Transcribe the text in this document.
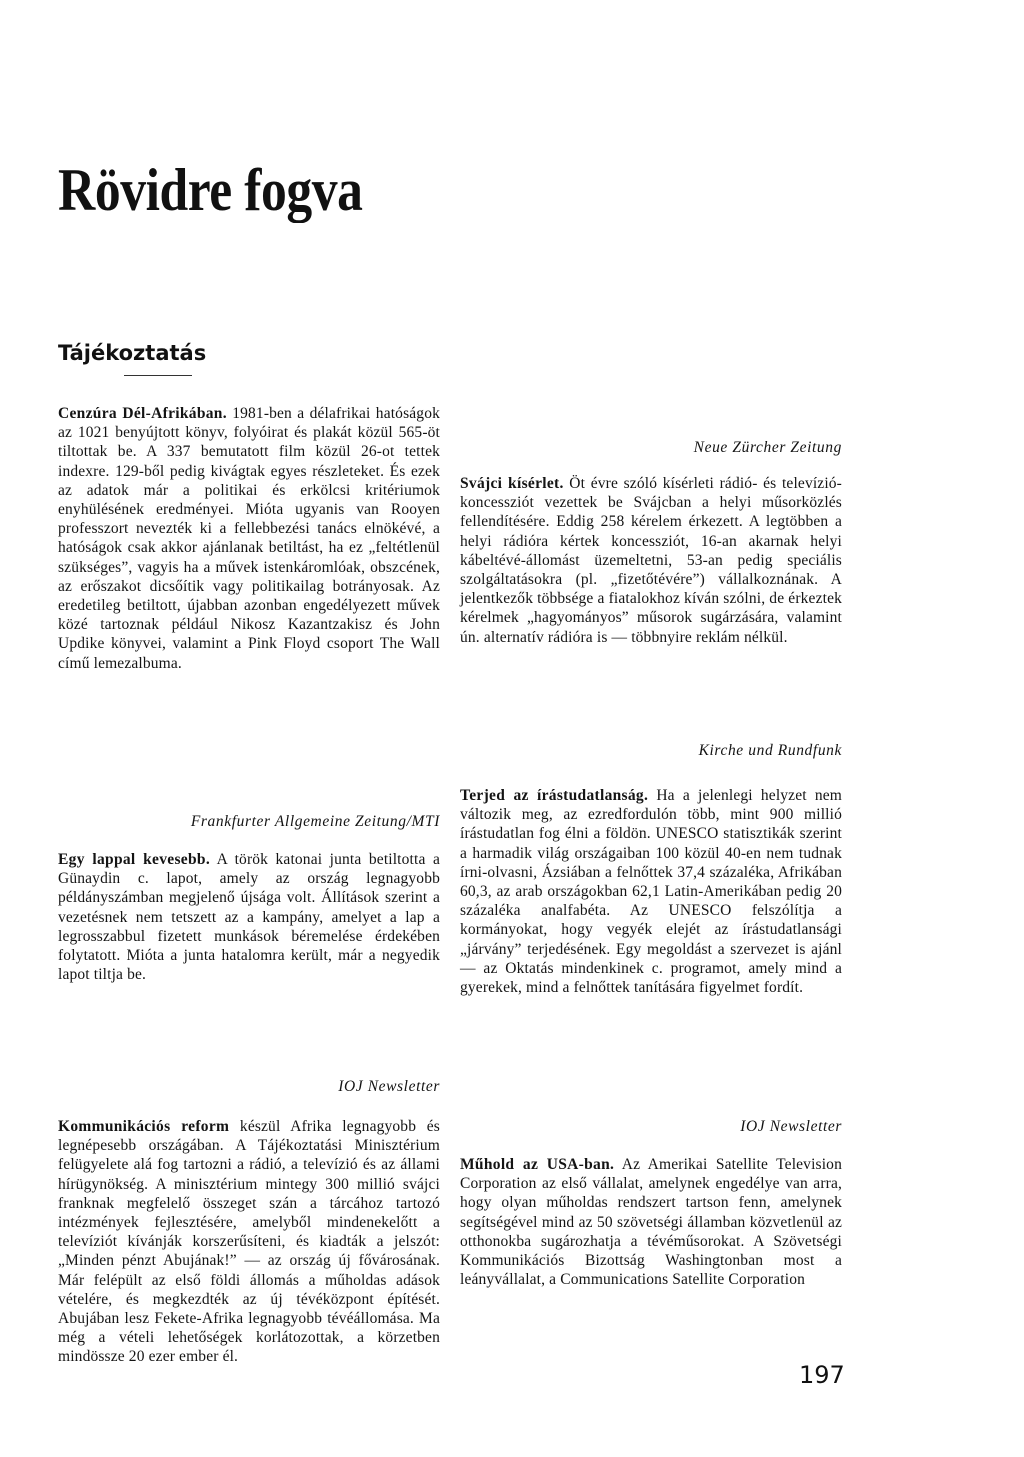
Rövidre fogva
Tájékoztatás

Cenzúra Dél-Afrikában. 1981-ben a délafrikai hatóságok az 1021 benyújtott könyv, folyóirat és plakát közül 565-öt tiltottak be. A 337 bemutatott film közül 26-ot tettek indexre. 129-ből pedig kivágtak egyes részleteket. És ezek az adatok már a politikai és erkölcsi kritériumok enyhülésének eredményei. Mióta ugyanis van Rooyen professzort nevezték ki a fellebbezési tanács elnökévé, a hatóságok csak akkor ajánlanak betiltást, ha ez „feltétlenül szükséges”, vagyis ha a művek istenkáromlóak, obszcének, az erőszakot dicsőítik vagy politikailag botrányosak. Az eredetileg betiltott, újabban azonban engedélyezett művek közé tartoznak például Nikosz Kazantzakisz és John Updike könyvei, valamint a Pink Floyd csoport The Wall című lemezalbuma.

Frankfurter Allgemeine Zeitung/MTI

Egy lappal kevesebb. A török katonai junta betiltotta a Günaydin c. lapot, amely az ország legnagyobb példányszámban megjelenő újsága volt. Állítások szerint a vezetésnek nem tetszett az a kampány, amelyet a lap a legrosszabbul fizetett munkások béremelése érdekében folytatott. Mióta a junta hatalomra került, már a negyedik lapot tiltja be.

IOJ Newsletter

Kommunikációs reform készül Afrika legnagyobb és legnépesebb országában. A Tájékoztatási Minisztérium felügyelete alá fog tartozni a rádió, a televízió és az állami hírügynökség. A minisztérium mintegy 300 millió svájci franknak megfelelő összeget szán a tárcához tartozó intézmények fejlesztésére, amelyből mindenekelőtt a televíziót kívánják korszerűsíteni, és kiadták a jelszót: „Minden pénzt Abujának!” — az ország új fővárosának. Már felépült az első földi állomás a műholdas adások vételére, és megkezdték az új tévéközpont építését. Abujában lesz Fekete-Afrika legnagyobb tévéállomása. Ma még a vételi lehetőségek korlátozottak, a körzetben mindössze 20 ezer ember él.

Neue Zürcher Zeitung

Svájci kísérlet. Öt évre szóló kísérleti rádió- és televízió-koncessziót vezettek be Svájcban a helyi műsorközlés fellendítésére. Eddig 258 kérelem érkezett. A legtöbben a helyi rádióra kértek koncessziót, 16-an akarnak helyi kábeltévé-állomást üzemeltetni, 53-an pedig speciális szolgáltatásokra (pl. „fizetőtévére”) vállalkoznának. A jelentkezők többsége a fiatalokhoz kíván szólni, de érkeztek kérelmek „hagyományos” műsorok sugárzására, valamint ún. alternatív rádióra is — többnyire reklám nélkül.

Kirche und Rundfunk

Terjed az írástudatlanság. Ha a jelenlegi helyzet nem változik meg, az ezredfordulón több, mint 900 millió írástudatlan fog élni a földön. UNESCO statisztikák szerint a harmadik világ országaiban 100 közül 40-en nem tudnak írni-olvasni, Ázsiában a felnőttek 37,4 százaléka, Afrikában 60,3, az arab országokban 62,1 Latin-Amerikában pedig 20 százaléka analfabéta. Az UNESCO felszólítja a kormányokat, hogy vegyék elejét az írástudatlansági „járvány” terjedésének. Egy megoldást a szervezet is ajánl — az Oktatás mindenkinek c. programot, amely mind a gyerekek, mind a felnőttek tanítására figyelmet fordít.

IOJ Newsletter

Műhold az USA-ban. Az Amerikai Satellite Television Corporation az első vállalat, amelynek engedélye van arra, hogy olyan műholdas rendszert tartson fenn, amelynek segítségével mind az 50 szövetségi államban közvetlenül az otthonokba sugározhatja a tévéműsorokat. A Szövetségi Kommunikációs Bizottság Washingtonban most a leányvállalat, a Communications Satellite Corporation

197
